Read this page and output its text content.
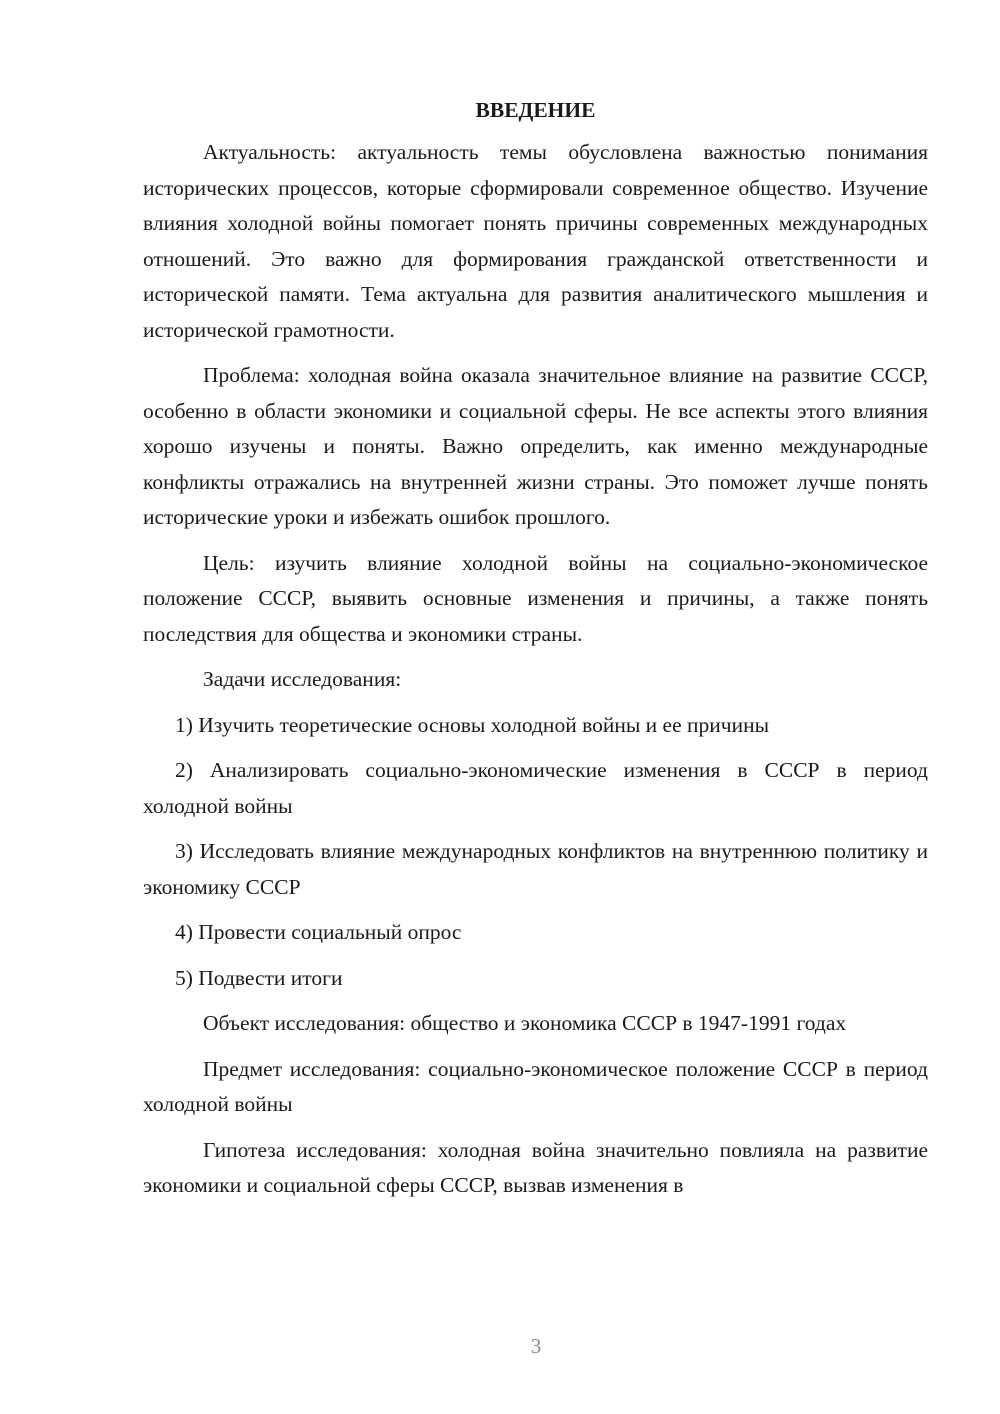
ВВЕДЕНИЕ

Актуальность: актуальность темы обусловлена важностью понимания исторических процессов, которые сформировали современное общество. Изучение влияния холодной войны помогает понять причины современных международных отношений. Это важно для формирования гражданской ответственности и исторической памяти. Тема актуальна для развития аналитического мышления и исторической грамотности.

Проблема: холодная война оказала значительное влияние на развитие СССР, особенно в области экономики и социальной сферы. Не все аспекты этого влияния хорошо изучены и поняты. Важно определить, как именно международные конфликты отражались на внутренней жизни страны. Это поможет лучше понять исторические уроки и избежать ошибок прошлого.

Цель: изучить влияние холодной войны на социально-экономическое положение СССР, выявить основные изменения и причины, а также понять последствия для общества и экономики страны.

Задачи исследования:

1) Изучить теоретические основы холодной войны и ее причины

2) Анализировать социально-экономические изменения в СССР в период холодной войны

3) Исследовать влияние международных конфликтов на внутреннюю политику и экономику СССР

4) Провести социальный опрос

5) Подвести итоги

Объект исследования: общество и экономика СССР в 1947-1991 годах

Предмет исследования: социально-экономическое положение СССР в период холодной войны

Гипотеза исследования: холодная война значительно повлияла на развитие экономики и социальной сферы СССР, вызвав изменения в

3
